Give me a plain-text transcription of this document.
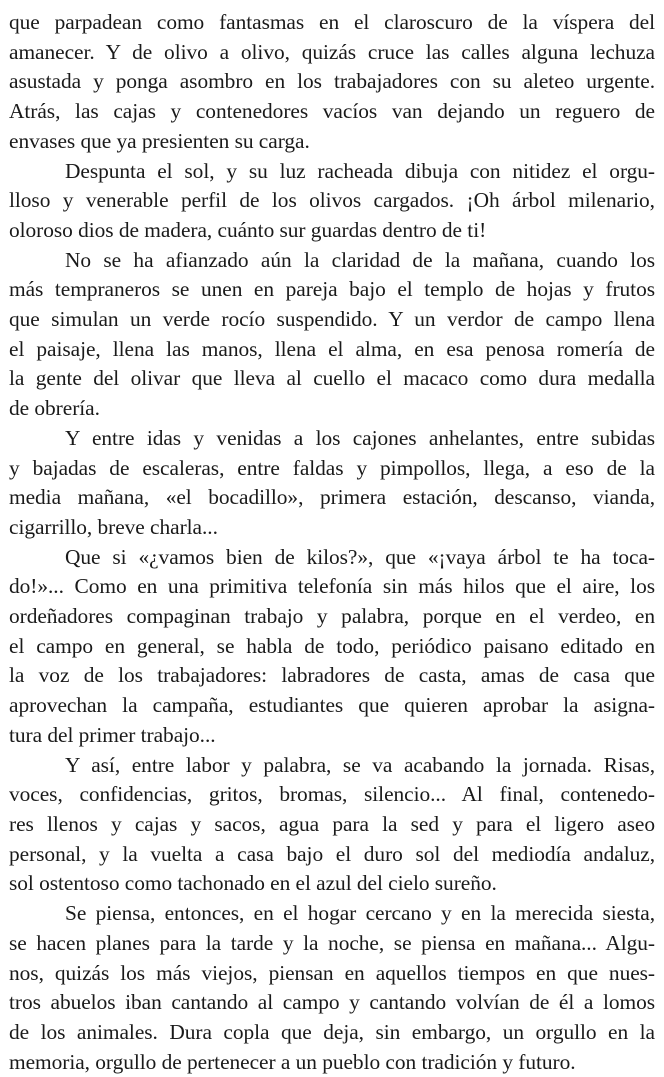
que parpadean como fantasmas en el claroscuro de la víspera del
amanecer. Y de olivo a olivo, quizás cruce las calles alguna lechuza
asustada y ponga asombro en los trabajadores con su aleteo urgente.
Atrás, las cajas y contenedores vacíos van dejando un reguero de
envases que ya presienten su carga.
Despunta el sol, y su luz racheada dibuja con nitidez el orgu-
lloso y venerable perfil de los olivos cargados. ¡Oh árbol milenario,
oloroso dios de madera, cuánto sur guardas dentro de ti!
No se ha afianzado aún la claridad de la mañana, cuando los
más tempraneros se unen en pareja bajo el templo de hojas y frutos
que simulan un verde rocío suspendido. Y un verdor de campo llena
el paisaje, llena las manos, llena el alma, en esa penosa romería de
la gente del olivar que lleva al cuello el macaco como dura medalla
de obrería.
Y entre idas y venidas a los cajones anhelantes, entre subidas
y bajadas de escaleras, entre faldas y pimpollos, llega, a eso de la
media mañana, «el bocadillo», primera estación, descanso, vianda,
cigarrillo, breve charla...
Que si «¿vamos bien de kilos?», que «¡vaya árbol te ha toca-
do!»... Como en una primitiva telefonía sin más hilos que el aire, los
ordeñadores compaginan trabajo y palabra, porque en el verdeo, en
el campo en general, se habla de todo, periódico paisano editado en
la voz de los trabajadores: labradores de casta, amas de casa que
aprovechan la campaña, estudiantes que quieren aprobar la asigna-
tura del primer trabajo...
Y así, entre labor y palabra, se va acabando la jornada. Risas,
voces, confidencias, gritos, bromas, silencio... Al final, contenedo-
res llenos y cajas y sacos, agua para la sed y para el ligero aseo
personal, y la vuelta a casa bajo el duro sol del mediodía andaluz,
sol ostentoso como tachonado en el azul del cielo sureño.
Se piensa, entonces, en el hogar cercano y en la merecida siesta,
se hacen planes para la tarde y la noche, se piensa en mañana... Algu-
nos, quizás los más viejos, piensan en aquellos tiempos en que nues-
tros abuelos iban cantando al campo y cantando volvían de él a lomos
de los animales. Dura copla que deja, sin embargo, un orgullo en la
memoria, orgullo de pertenecer a un pueblo con tradición y futuro.
